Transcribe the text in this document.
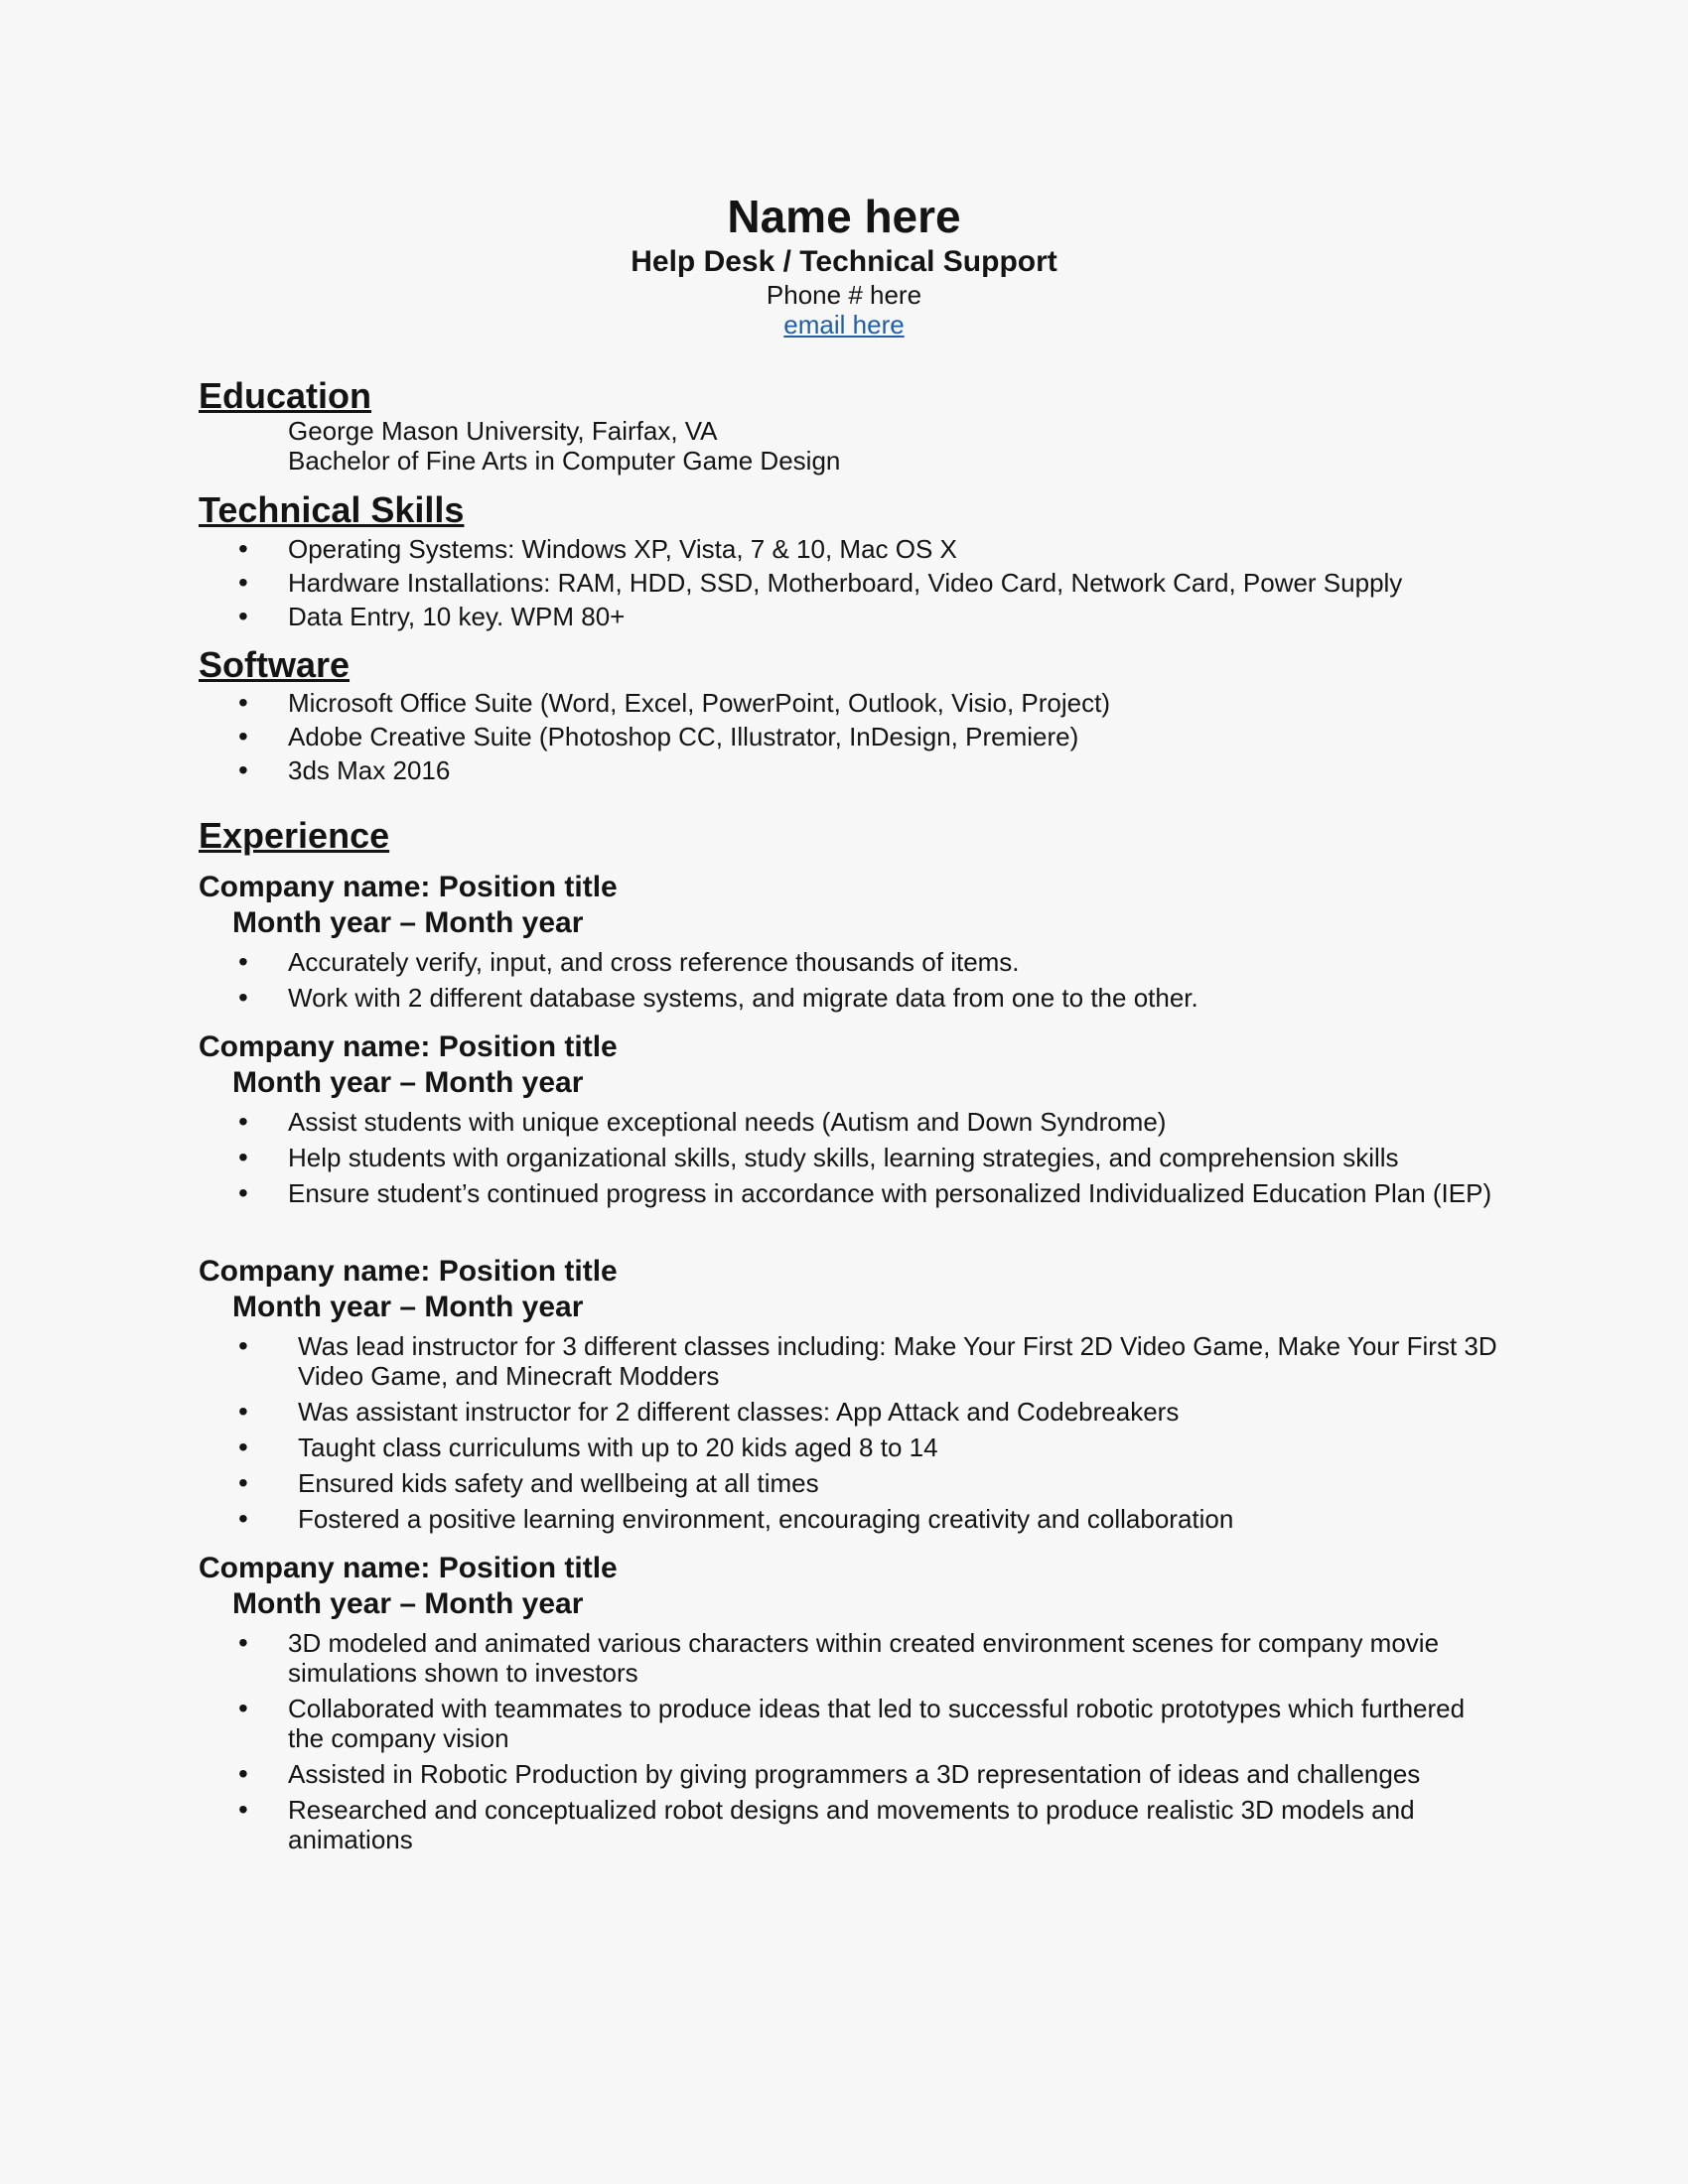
Name here
Help Desk / Technical Support
Phone # here
email here
Education
George Mason University, Fairfax, VA
Bachelor of Fine Arts in Computer Game Design
Technical Skills
• Operating Systems: Windows XP, Vista, 7 & 10, Mac OS X
• Hardware Installations: RAM, HDD, SSD, Motherboard, Video Card, Network Card, Power Supply
• Data Entry, 10 key. WPM 80+
Software
• Microsoft Office Suite (Word, Excel, PowerPoint, Outlook, Visio, Project)
• Adobe Creative Suite (Photoshop CC, Illustrator, InDesign, Premiere)
• 3ds Max 2016
Experience
Company name: Position title
Month year – Month year
• Accurately verify, input, and cross reference thousands of items.
• Work with 2 different database systems, and migrate data from one to the other.
Company name: Position title
Month year – Month year
• Assist students with unique exceptional needs (Autism and Down Syndrome)
• Help students with organizational skills, study skills, learning strategies, and comprehension skills
• Ensure student’s continued progress in accordance with personalized Individualized Education Plan (IEP)
Company name: Position title
Month year – Month year
• Was lead instructor for 3 different classes including: Make Your First 2D Video Game, Make Your First 3D Video Game, and Minecraft Modders
• Was assistant instructor for 2 different classes: App Attack and Codebreakers
• Taught class curriculums with up to 20 kids aged 8 to 14
• Ensured kids safety and wellbeing at all times
• Fostered a positive learning environment, encouraging creativity and collaboration
Company name: Position title
Month year – Month year
• 3D modeled and animated various characters within created environment scenes for company movie simulations shown to investors
• Collaborated with teammates to produce ideas that led to successful robotic prototypes which furthered the company vision
• Assisted in Robotic Production by giving programmers a 3D representation of ideas and challenges
• Researched and conceptualized robot designs and movements to produce realistic 3D models and animations
